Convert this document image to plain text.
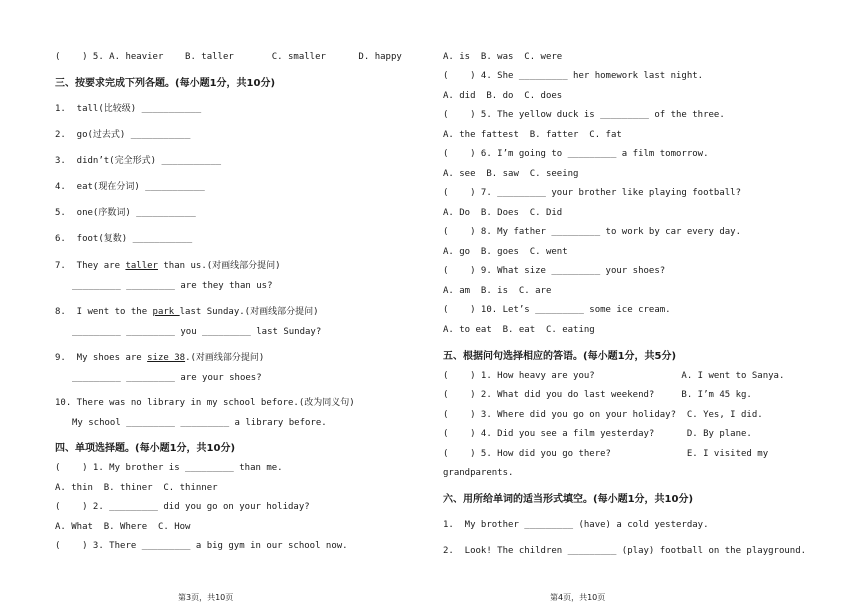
(    ) 5. A. heavier    B. taller       C. smaller      D. happy
三、按要求完成下列各题。(每小题1分，共10分)
1.  tall(比较级) ___________
2.  go(过去式) ___________
3.  didn’t(完全形式) ___________
4.  eat(现在分词) ___________
5.  one(序数词) ___________
6.  foot(复数) ___________
7.  They are taller than us.(对画线部分提问)
_________ _________ are they than us?
8.  I went to the park last Sunday.(对画线部分提问)
_________ _________ you _________ last Sunday?
9.  My shoes are size 38.(对画线部分提问)
_________ _________ are your shoes?
10. There was no library in my school before.(改为同义句)
My school _________ _________ a library before.
四、单项选择题。(每小题1分，共10分)
(    ) 1. My brother is _________ than me.
A. thin  B. thiner  C. thinner
(    ) 2. _________ did you go on your holiday?
A. What  B. Where  C. How
(    ) 3. There _________ a big gym in our school now.
第3页，共10页
A. is  B. was  C. were
(    ) 4. She _________ her homework last night.
A. did  B. do  C. does
(    ) 5. The yellow duck is _________ of the three.
A. the fattest  B. fatter  C. fat
(    ) 6. I’m going to _________ a film tomorrow.
A. see  B. saw  C. seeing
(    ) 7. _________ your brother like playing football?
A. Do  B. Does  C. Did
(    ) 8. My father _________ to work by car every day.
A. go  B. goes  C. went
(    ) 9. What size _________ your shoes?
A. am  B. is  C. are
(    ) 10. Let’s _________ some ice cream.
A. to eat  B. eat  C. eating
五、根据问句选择相应的答语。(每小题1分，共5分)
(    ) 1. How heavy are you?                A. I went to Sanya.
(    ) 2. What did you do last weekend?     B. I’m 45 kg.
(    ) 3. Where did you go on your holiday?  C. Yes, I did.
(    ) 4. Did you see a film yesterday?      D. By plane.
(    ) 5. How did you go there?              E. I visited my
grandparents.
六、用所给单词的适当形式填空。(每小题1分，共10分)
1.  My brother _________ (have) a cold yesterday.
2.  Look! The children _________ (play) football on the playground.
第4页，共10页
